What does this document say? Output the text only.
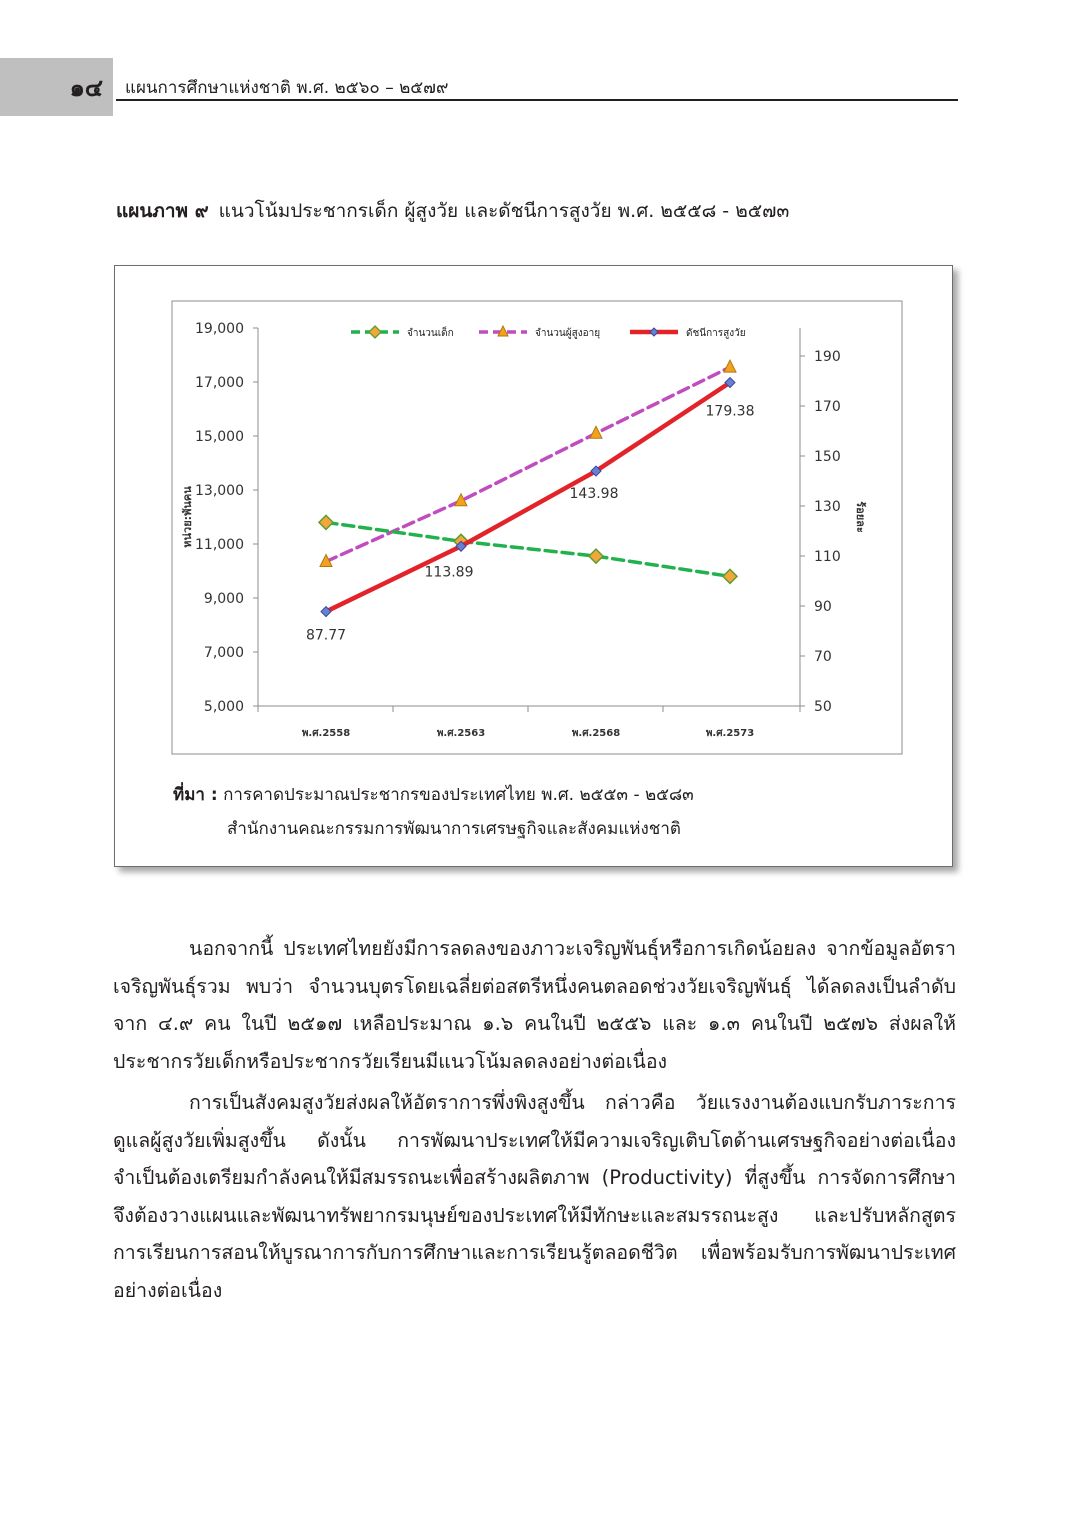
๑๔	แผนการศึกษาแห่งชาติ พ.ศ. ๒๕๖๐ – ๒๕๗๙
แผนภาพ ๙ แนวโน้มประชากรเด็ก ผู้สูงวัย และดัชนีการสูงวัย พ.ศ. ๒๕๕๘ - ๒๕๗๓
หน่วย:พันคน	ร้อยละ
19,000
17,000
15,000
13,000
11,000
9,000
7,000
5,000
190
170
150
130
110
90
70
50
พ.ศ.2558	พ.ศ.2563	พ.ศ.2568	พ.ศ.2573
87.77
113.89
143.98
179.38
จำนวนเด็ก	จำนวนผู้สูงอายุ	ดัชนีการสูงวัย
ที่มา : การคาดประมาณประชากรของประเทศไทย พ.ศ. ๒๕๕๓ - ๒๕๘๓
สำนักงานคณะกรรมการพัฒนาการเศรษฐกิจและสังคมแห่งชาติ

นอกจากนี้ ประเทศไทยยังมีการลดลงของภาวะเจริญพันธุ์หรือการเกิดน้อยลง จากข้อมูลอัตราเจริญพันธุ์รวม พบว่า จำนวนบุตรโดยเฉลี่ยต่อสตรีหนึ่งคนตลอดช่วงวัยเจริญพันธุ์ ได้ลดลงเป็นลำดับ จาก ๔.๙ คน ในปี ๒๕๑๗ เหลือประมาณ ๑.๖ คนในปี ๒๕๕๖ และ ๑.๓ คนในปี ๒๕๗๖ ส่งผลให้ประชากรวัยเด็กหรือประชากรวัยเรียนมีแนวโน้มลดลงอย่างต่อเนื่อง

การเป็นสังคมสูงวัยส่งผลให้อัตราการพึ่งพิงสูงขึ้น กล่าวคือ วัยแรงงานต้องแบกรับภาระการดูแลผู้สูงวัยเพิ่มสูงขึ้น ดังนั้น การพัฒนาประเทศให้มีความเจริญเติบโตด้านเศรษฐกิจอย่างต่อเนื่องจำเป็นต้องเตรียมกำลังคนให้มีสมรรถนะเพื่อสร้างผลิตภาพ (Productivity) ที่สูงขึ้น การจัดการศึกษาจึงต้องวางแผนและพัฒนาทรัพยากรมนุษย์ของประเทศให้มีทักษะและสมรรถนะสูง และปรับหลักสูตรการเรียนการสอนให้บูรณาการกับการศึกษาและการเรียนรู้ตลอดชีวิต เพื่อพร้อมรับการพัฒนาประเทศอย่างต่อเนื่อง
